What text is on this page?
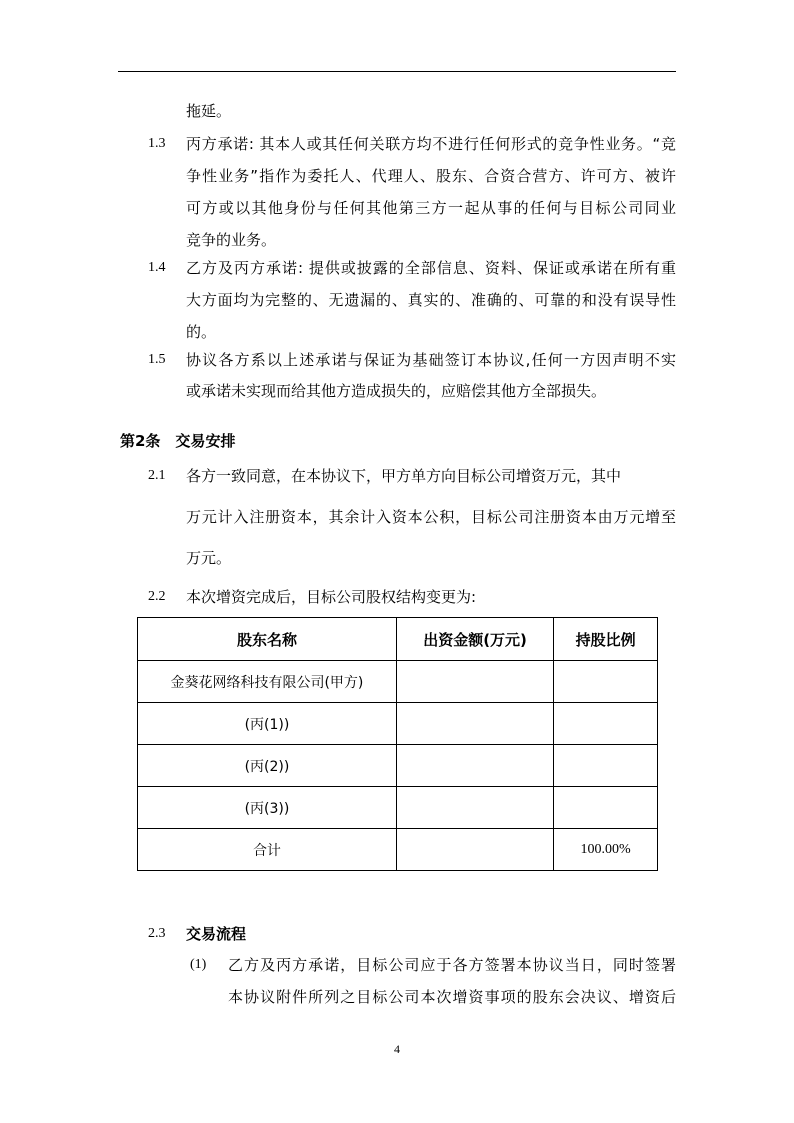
拖延。
1.3 丙方承诺: 其本人或其任何关联方均不进行任何形式的竞争性业务。“竞
争性业务”指作为委托人、代理人、股东、合资合营方、许可方、被许
可方或以其他身份与任何其他第三方一起从事的任何与目标公司同业
竞争的业务。
1.4 乙方及丙方承诺: 提供或披露的全部信息、资料、保证或承诺在所有重
大方面均为完整的、无遗漏的、真实的、准确的、可靠的和没有误导性
的。
1.5 协议各方系以上述承诺与保证为基础签订本协议,任何一方因声明不实
或承诺未实现而给其他方造成损失的，应赔偿其他方全部损失。
第2条　交易安排
2.1 各方一致同意，在本协议下，甲方单方向目标公司增资万元，其中
万元计入注册资本，其余计入资本公积，目标公司注册资本由万元增至
万元。
2.2 本次增资完成后，目标公司股权结构变更为:
股东名称	出资金额(万元)	持股比例
金葵花网络科技有限公司(甲方)		
(丙(1))		
(丙(2))		
(丙(3))		
合计		100.00%
2.3 交易流程
(1) 乙方及丙方承诺，目标公司应于各方签署本协议当日，同时签署
本协议附件所列之目标公司本次增资事项的股东会决议、增资后
4
